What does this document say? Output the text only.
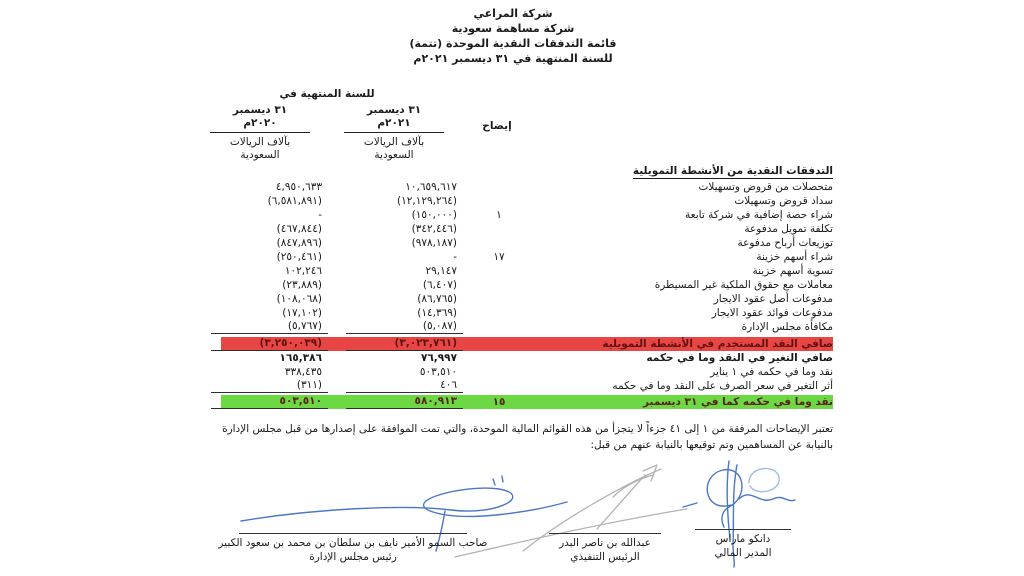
شركة المراعي
شركة مساهمة سعودية
قائمة التدفقات النقدية الموحدة (تتمة)
للسنة المنتهية في ٣١ ديسمبر ٢٠٢١م
للسنة المنتهية في
٣١ ديسمبر
٢٠٢١م
بآلاف الريالات
السعودية
٣١ ديسمبر
٢٠٢٠م
بآلاف الريالات
السعودية
إيضاح
التدفقات النقدية من الأنشطة التمويلية
متحصلات من قروض وتسهيلات
١٠,٦٥٩,٦١٧
٤,٩٥٠,٦٣٣
سداد قروض وتسهيلات
(١٢,١٢٩,٢٦٤)
(٦,٥٨١,٨٩١)
شراء حصة إضافية في شركة تابعة
١
(١٥٠,٠٠٠)
-
تكلفة تمويل مدفوعة
(٣٤٢,٤٤٦)
(٤٦٧,٨٤٤)
توزيعات أرباح مدفوعة
(٩٧٨,١٨٧)
(٨٤٧,٨٩٦)
شراء أسهم خزينة
١٧
-
(٢٥٠,٤٦١)
تسوية أسهم خزينة
٢٩,١٤٧
١٠٢,٢٤٦
معاملات مع حقوق الملكية غير المسيطرة
(٦,٤٠٧)
(٢٣,٨٨٩)
مدفوعات أصل عقود الايجار
(٨٦,٧٦٥)
(١٠٨,٠٦٨)
مدفوعات فوائد عقود الايجار
(١٤,٣٦٩)
(١٧,١٠٢)
مكافأة مجلس الإدارة
(٥,٠٨٧)
(٥,٧٦٧)
صافي النقد المستخدم في الأنشطة التمويلية
(٣,٠٢٣,٧٦١)
(٣,٢٥٠,٠٣٩)
صافي التغير في النقد وما في حكمه
٧٦,٩٩٧
١٦٥,٣٨٦
نقد وما في حكمه في ١ يناير
٥٠٣,٥١٠
٣٣٨,٤٣٥
أثر التغير في سعر الصرف على النقد وما في حكمه
٤٠٦
(٣١١)
نقد وما في حكمه كما في ٣١ ديسمبر
١٥
٥٨٠,٩١٣
٥٠٣,٥١٠
تعتبر الإيضاحات المرفقة من ١ إلى ٤١ جزءاً لا يتجزأ من هذه القوائم المالية الموحدة، والتي تمت الموافقة على إصدارها من قبل مجلس الإدارة بالنيابة عن المساهمين وتم توقيعها بالنيابة عنهم من قبل:
دانكو ماراس
المدير المالي
عبدالله بن ناصر البدر
الرئيس التنفيذي
صاحب السمو الأمير نايف بن سلطان بن محمد بن سعود الكبير
رئيس مجلس الإدارة
